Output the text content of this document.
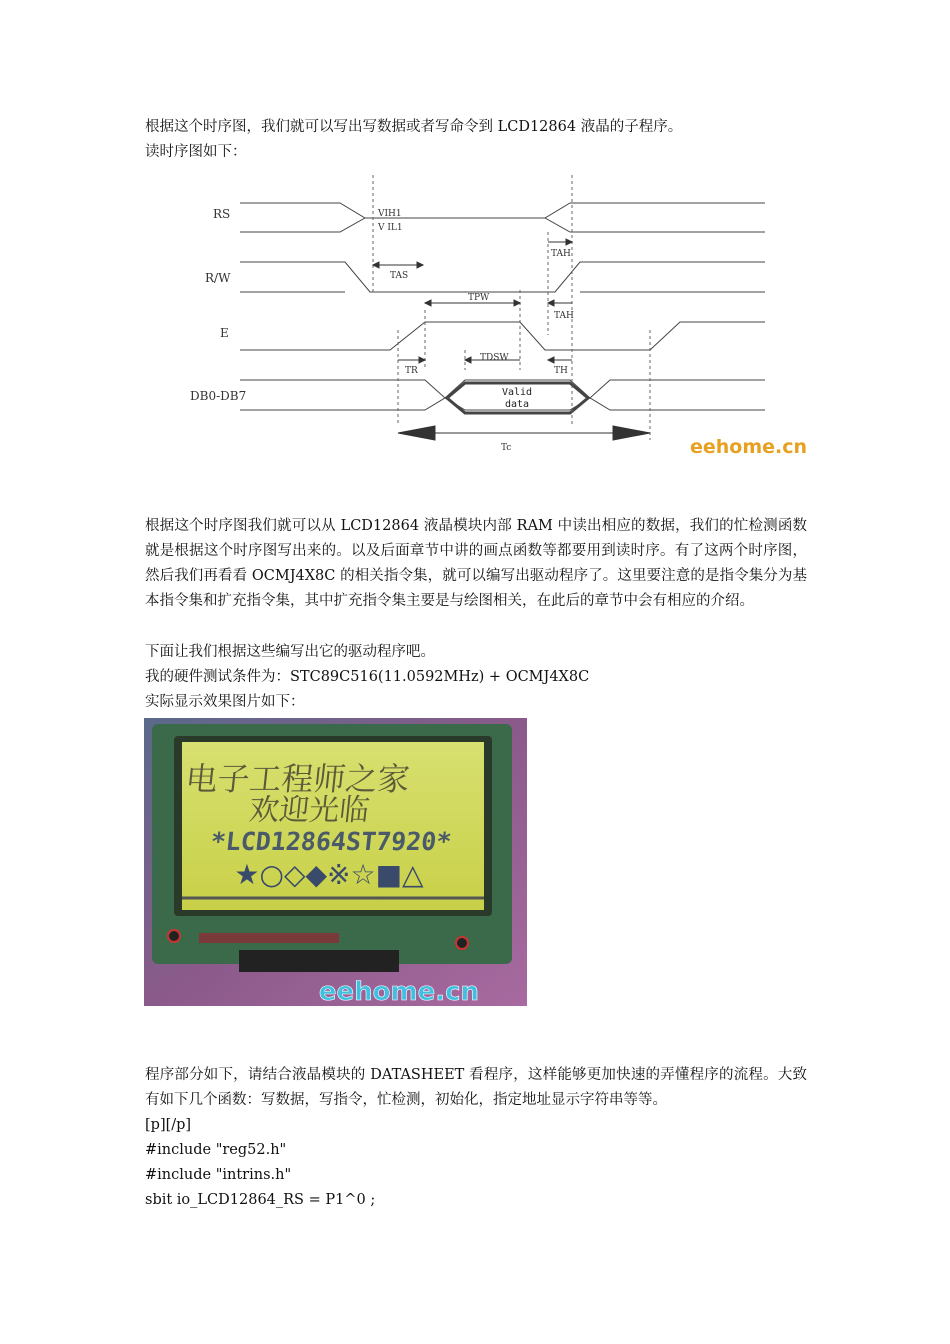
根据这个时序图，我们就可以写出写数据或者写命令到 LCD12864 液晶的子程序。

读时序图如下：

RS
R/W
E
DB0-DB7
VIH1
V IL1
TAS
TAH
TPW
TAH
TR
TDSW
TH
Tc
Valid
data
eehome.cn

根据这个时序图我们就可以从 LCD12864 液晶模块内部 RAM 中读出相应的数据，我们的忙检测函数就是根据这个时序图写出来的。以及后面章节中讲的画点函数等都要用到读时序。有了这两个时序图，然后我们再看看 OCMJ4X8C 的相关指令集，就可以编写出驱动程序了。这里要注意的是指令集分为基本指令集和扩充指令集，其中扩充指令集主要是与绘图相关，在此后的章节中会有相应的介绍。

下面让我们根据这些编写出它的驱动程序吧。

我的硬件测试条件为：STC89C516(11.0592MHz) + OCMJ4X8C

实际显示效果图片如下：

电子工程师之家
欢迎光临
*LCD12864ST7920*
★○◇◆※☆■△
eehome.cn

程序部分如下，请结合液晶模块的 DATASHEET 看程序，这样能够更加快速的弄懂程序的流程。大致有如下几个函数：写数据，写指令，忙检测，初始化，指定地址显示字符串等等。

[p][/p]
#include "reg52.h"
#include "intrins.h"
sbit io_LCD12864_RS = P1^0 ;
